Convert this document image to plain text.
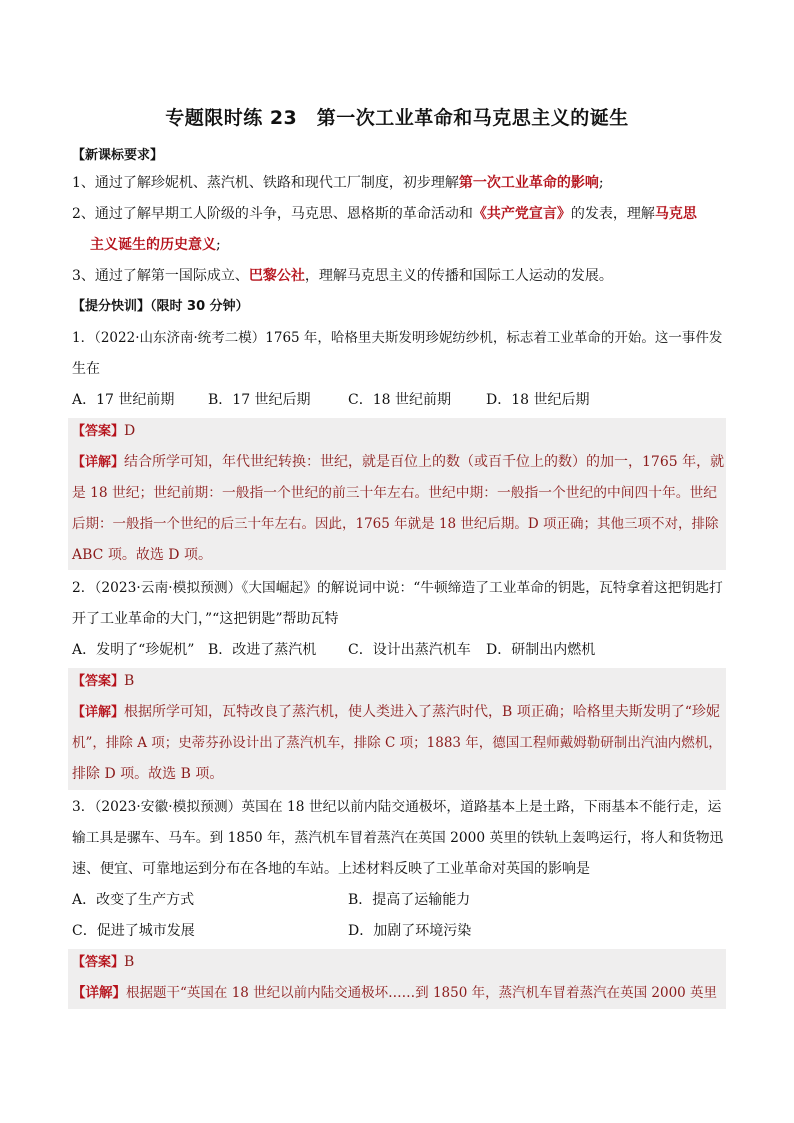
专题限时练 23　第一次工业革命和马克思主义的诞生
【新课标要求】
1、通过了解珍妮机、蒸汽机、铁路和现代工厂制度，初步理解第一次工业革命的影响;
2、通过了解早期工人阶级的斗争，马克思、恩格斯的革命活动和《共产党宣言》的发表，理解马克思
主义诞生的历史意义;
3、通过了解第一国际成立、巴黎公社，理解马克思主义的传播和国际工人运动的发展。
【提分快训】（限时 30 分钟）
1．（2022·山东济南·统考二模）1765 年，哈格里夫斯发明珍妮纺纱机，标志着工业革命的开始。这一事件发
生在
A．17 世纪前期 B．17 世纪后期	C．18 世纪前期	D．18 世纪后期
【答案】D
【详解】结合所学可知，年代世纪转换：世纪，就是百位上的数（或百千位上的数）的加一，1765 年，就
是 18 世纪；世纪前期：一般指一个世纪的前三十年左右。世纪中期：一般指一个世纪的中间四十年。世纪
后期：一般指一个世纪的后三十年左右。因此，1765 年就是 18 世纪后期。D 项正确；其他三项不对，排除
ABC 项。故选 D 项。
2．（2023·云南·模拟预测）《大国崛起》的解说词中说：“牛顿缔造了工业革命的钥匙，瓦特拿着这把钥匙打
开了工业革命的大门，”“这把钥匙”帮助瓦特
A．发明了“珍妮机” B．改进了蒸汽机 C．设计出蒸汽机车 D．研制出内燃机
【答案】B
【详解】根据所学可知，瓦特改良了蒸汽机，使人类进入了蒸汽时代，B 项正确；哈格里夫斯发明了“珍妮
机”，排除 A 项；史蒂芬孙设计出了蒸汽机车，排除 C 项；1883 年，德国工程师戴姆勒研制出汽油内燃机，
排除 D 项。故选 B 项。
3．（2023·安徽·模拟预测）英国在 18 世纪以前内陆交通极坏，道路基本上是土路，下雨基本不能行走，运
输工具是骡车、马车。到 1850 年，蒸汽机车冒着蒸汽在英国 2000 英里的铁轨上轰鸣运行，将人和货物迅
速、便宜、可靠地运到分布在各地的车站。上述材料反映了工业革命对英国的影响是
A．改变了生产方式	B．提高了运输能力
C．促进了城市发展	D．加剧了环境污染
【答案】B
【详解】根据题干“英国在 18 世纪以前内陆交通极坏……到 1850 年，蒸汽机车冒着蒸汽在英国 2000 英里
